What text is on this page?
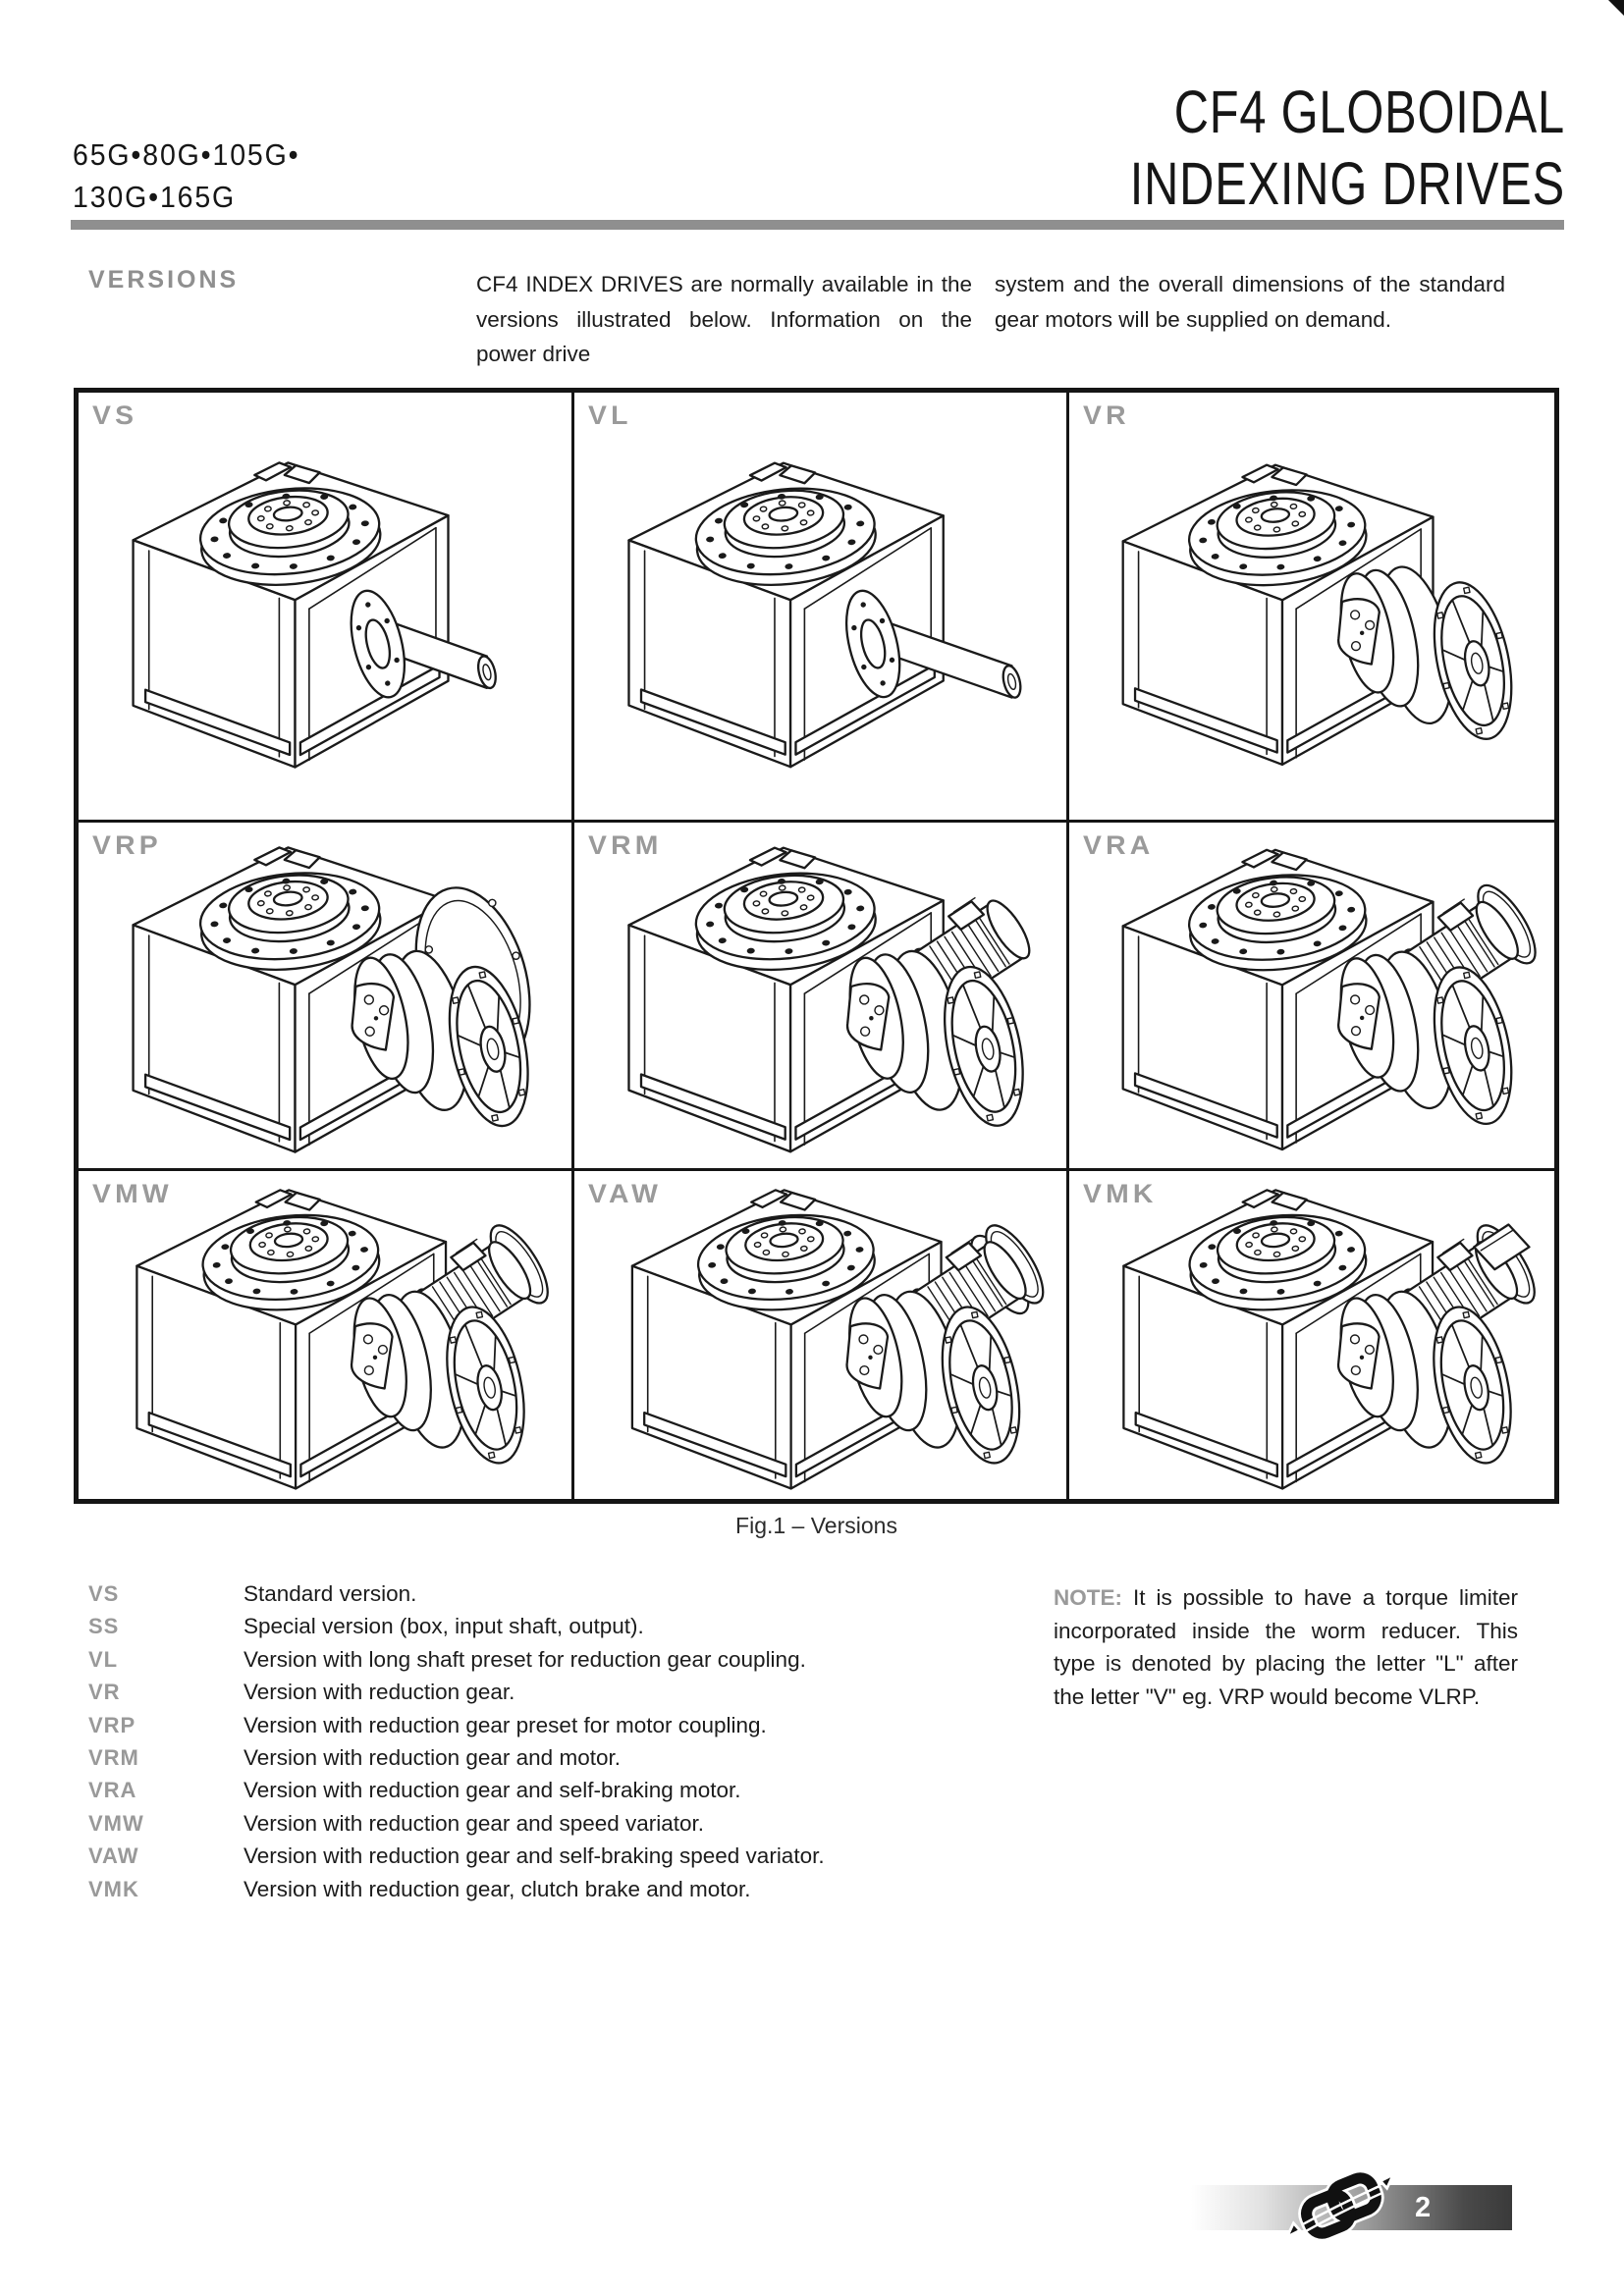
65G•80G•105G•
130G•165G
CF4 GLOBOIDAL
INDEXING DRIVES
VERSIONS	CF4 INDEX DRIVES are normally available in the versions illustrated below. Information on the power drive

system and the overall dimensions of the standard gear motors will be supplied on demand.

VS	VL	VR
VRP	VRM	VRA
VMW	VAW	VMK
Fig.1 – Versions
VS	Standard version.
SS	Special version (box, input shaft, output).
VL	Version with long shaft preset for reduction gear coupling.
VR	Version with reduction gear.
VRP	Version with reduction gear preset for motor coupling.
VRM	Version with reduction gear and motor.
VRA	Version with reduction gear and self-braking motor.
VMW	Version with reduction gear and speed variator.
VAW	Version with reduction gear and self-braking speed variator.
VMK	Version with reduction gear, clutch brake and motor.

NOTE: It is possible to have a torque limiter incorporated inside the worm reducer. This type is denoted by placing the letter "L" after the letter "V" eg. VRP would become VLRP.

2
